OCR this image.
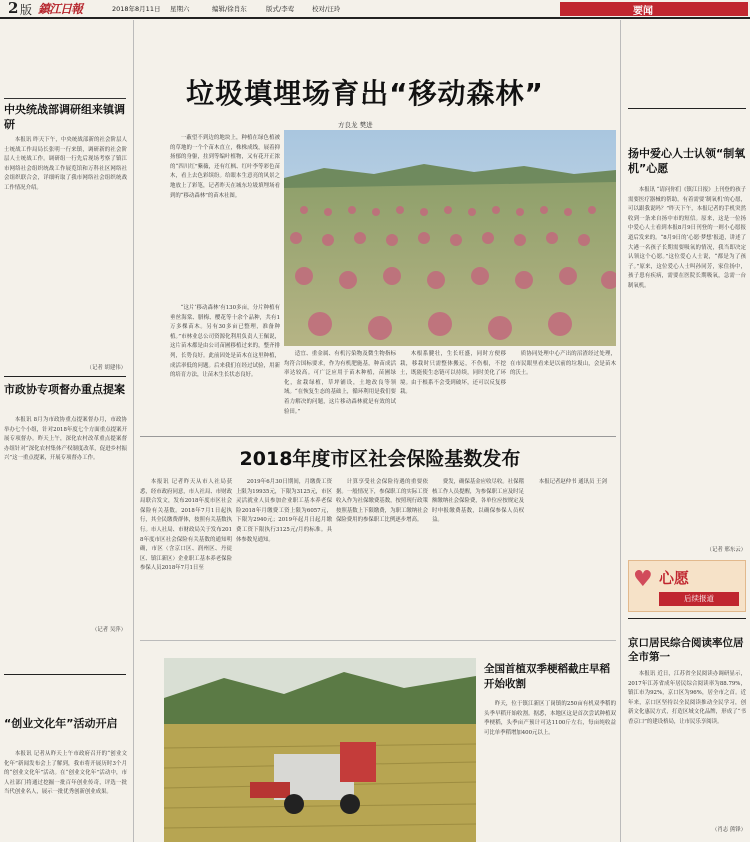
2 版 鎮江日報	2018年8月11日 星期六	编辑/徐肖东	版式/李莺	校对/汪玲	要闻
中央统战部调研组来镇调研

本报讯 昨天下午，中央统战部新的社会阶层人士统战工作局局长张明一行来镇，调研新的社会阶层人士统战工作。调研组一行先后现场考察了镇江市网络社会组织统战工作展览馆和万科社区网络社会组织联合会，详细听取了我市网络社会组织统战工作情况介绍。

（记者 胡建伟）
市政协专项督办重点提案

本报讯 8月为市政协重点提案督办月，市政协举办七个小组，针对2018年度七个方面重点提案开展专项督办。昨天上午，深化农村改革重点提案督办组针对“深化农村集体产权制度改革，促进乡村振兴”这一重点提案，开展专项督办工作。

（记者 吴萍）
“创业文化年”活动开启

本报讯 记者从昨天上午市政府召开的“创业文化年”新闻发布会上了解到，我市将开展历时3个月的“创业文化年”活动。在“创业文化年”活动中，市人社部门将通过挖掘一批百年创业传奇，评选一批当代创业名人，展示一批优秀创新创业成果。

垃圾填埋场育出“移动森林”
方良龙 樊进

一蔽望不到边的地块上，种植在绿色植被的草地的一个个苗木直立，株株成线，展着抑扬郁的身躯，拄到等编叶植物，又有花开正浓的“四川红”紫薇，还有红枫、红叶李等彩色苗木，看上去色彩缤纷。给眼本生意亮的风景之地放上了彩笔，记者昨天在城东垃圾填埋场看到的“移动森林”的苗木社图。

“这片‘移动森林’有130多亩，分片种植有垂丝海棠、腊梅、樱花等十余个品种，共有1万多棵苗木。另有30多亩已整理，准备种植。”市林业总公司资源化利用负责人王佩说，这片苗木都是由公司苗圃移植过来的，整齐排列，长势良好。此前因处是苗木在这里种植，成活率低的问题。后来我们在经过试验，用新的培育方法，让苗木生长状态良好。

适宜、重金属、有机污染物及微生物指标均符合国标要求，作为有机肥施基，种苗成活率达较高。可广泛应用于苗木种植，苗圃绿化，盆栽绿植，草坪铺设，土地改良等领域。“在恢复生态的基础上，循环利用是我们要着力解决的问题，这片移动森林就是有效的试验田。”

木根系腱壮，生长旺盛，同时方便移栽，移栽时只需整体搬运，不伤根，不挖土，既能使生态链可以持续，同时美化了环境。由于根系不会受到破坏，还可以反复移栽。

质协同处理中心产出的沼渣经过处理，在市民眼里看来是以前的垃圾山，会是苗木的沃土。

扬中爱心人士认领“制氧机”心愿

本报讯 “请问你们《镇江日报》上刊登的孩子需要医疗器械的帮助，有着需要‘制氧机’的心愿，可以跟我说吗？”昨天下午，本报记者的手机突然收到一条来自扬中市的短信。原来，这是一位扬中爱心人士看到本报8月9日刊登的一则小心愿报道后发来的。“8月9日的‘心愿·梦想’报道，讲述了大港一名孩子长期需要吸氧的情况，我当即决定认领这个心愿。”这位爱心人士说，“都是为了孩子。”原来，这位爱心人士叫孙同芳，家住扬中，孩子患有疾病，需要在医院长期吸氧，急需一台制氧机。

（记者 邢东云）
♥ 心愿
后续报道
京口居民综合阅读率位居全市第一

本报讯 近日，江苏省全民阅读办调研显示，2017年江苏省成年居民综合阅读率为88.79%，镇江市为92%，京口区为96%，居全市之首。近年来，京口区坚持以全民阅读推动全民学习，创新文化惠民方式，打造区域文化品牌，形成了“书香京口”的建设格局，让市民乐享阅读。

（肖志 熊锋）
2018年度市区社会保险基数发布

本报讯 记者昨天从市人社局获悉，经市政府同意，市人社局、市财政局联合发文，发布2018年度市区社会保险有关基数。2018年7月1日起执行，其全民缴费群体，按照有关基数执行。市人社局、市财政局关于发布2018年度市区社会保险有关基数的通知明确，市区（含京口区、润州区、丹徒区、镇江新区）企业职工基本养老保险参保人员2018年7月1日至

2019年6月30日期间，月缴费工资上限为19935元，下限为3125元，市区灵活就业人员参加企业职工基本养老保险2018年月缴费工资上限为6057元，下限为2940元；2019年起月日起月缴费工资下限执行3125元/月的标准。具体参数见通知。

计算享受社会保险待遇的重要依据。一般情况下，参保职工的实际工资收入作为社保缴费基数，按照现行政策按照基数上下限缴费，为职工缴纳社会保险费用的参保职工比例逐步增高。

费发，确保基金应收尽收。社保稽核工作人员提醒，为参保职工应及时足额缴纳社会保险费，各单位应按规定及时申报缴费基数，以确保参保人员权益。

本报记者赵仲书 通讯员 王剑

全国首植双季梗稻截庄早稻开始收割

昨天，位于镇江新区丁岗镇的250亩有机双季稻的头季早稻开始收割。据悉，本地区这是首次尝试种植双季梗稻，头季亩产预计可达1100斤左右，每亩纯收益可比单季稻增加400元以上。
